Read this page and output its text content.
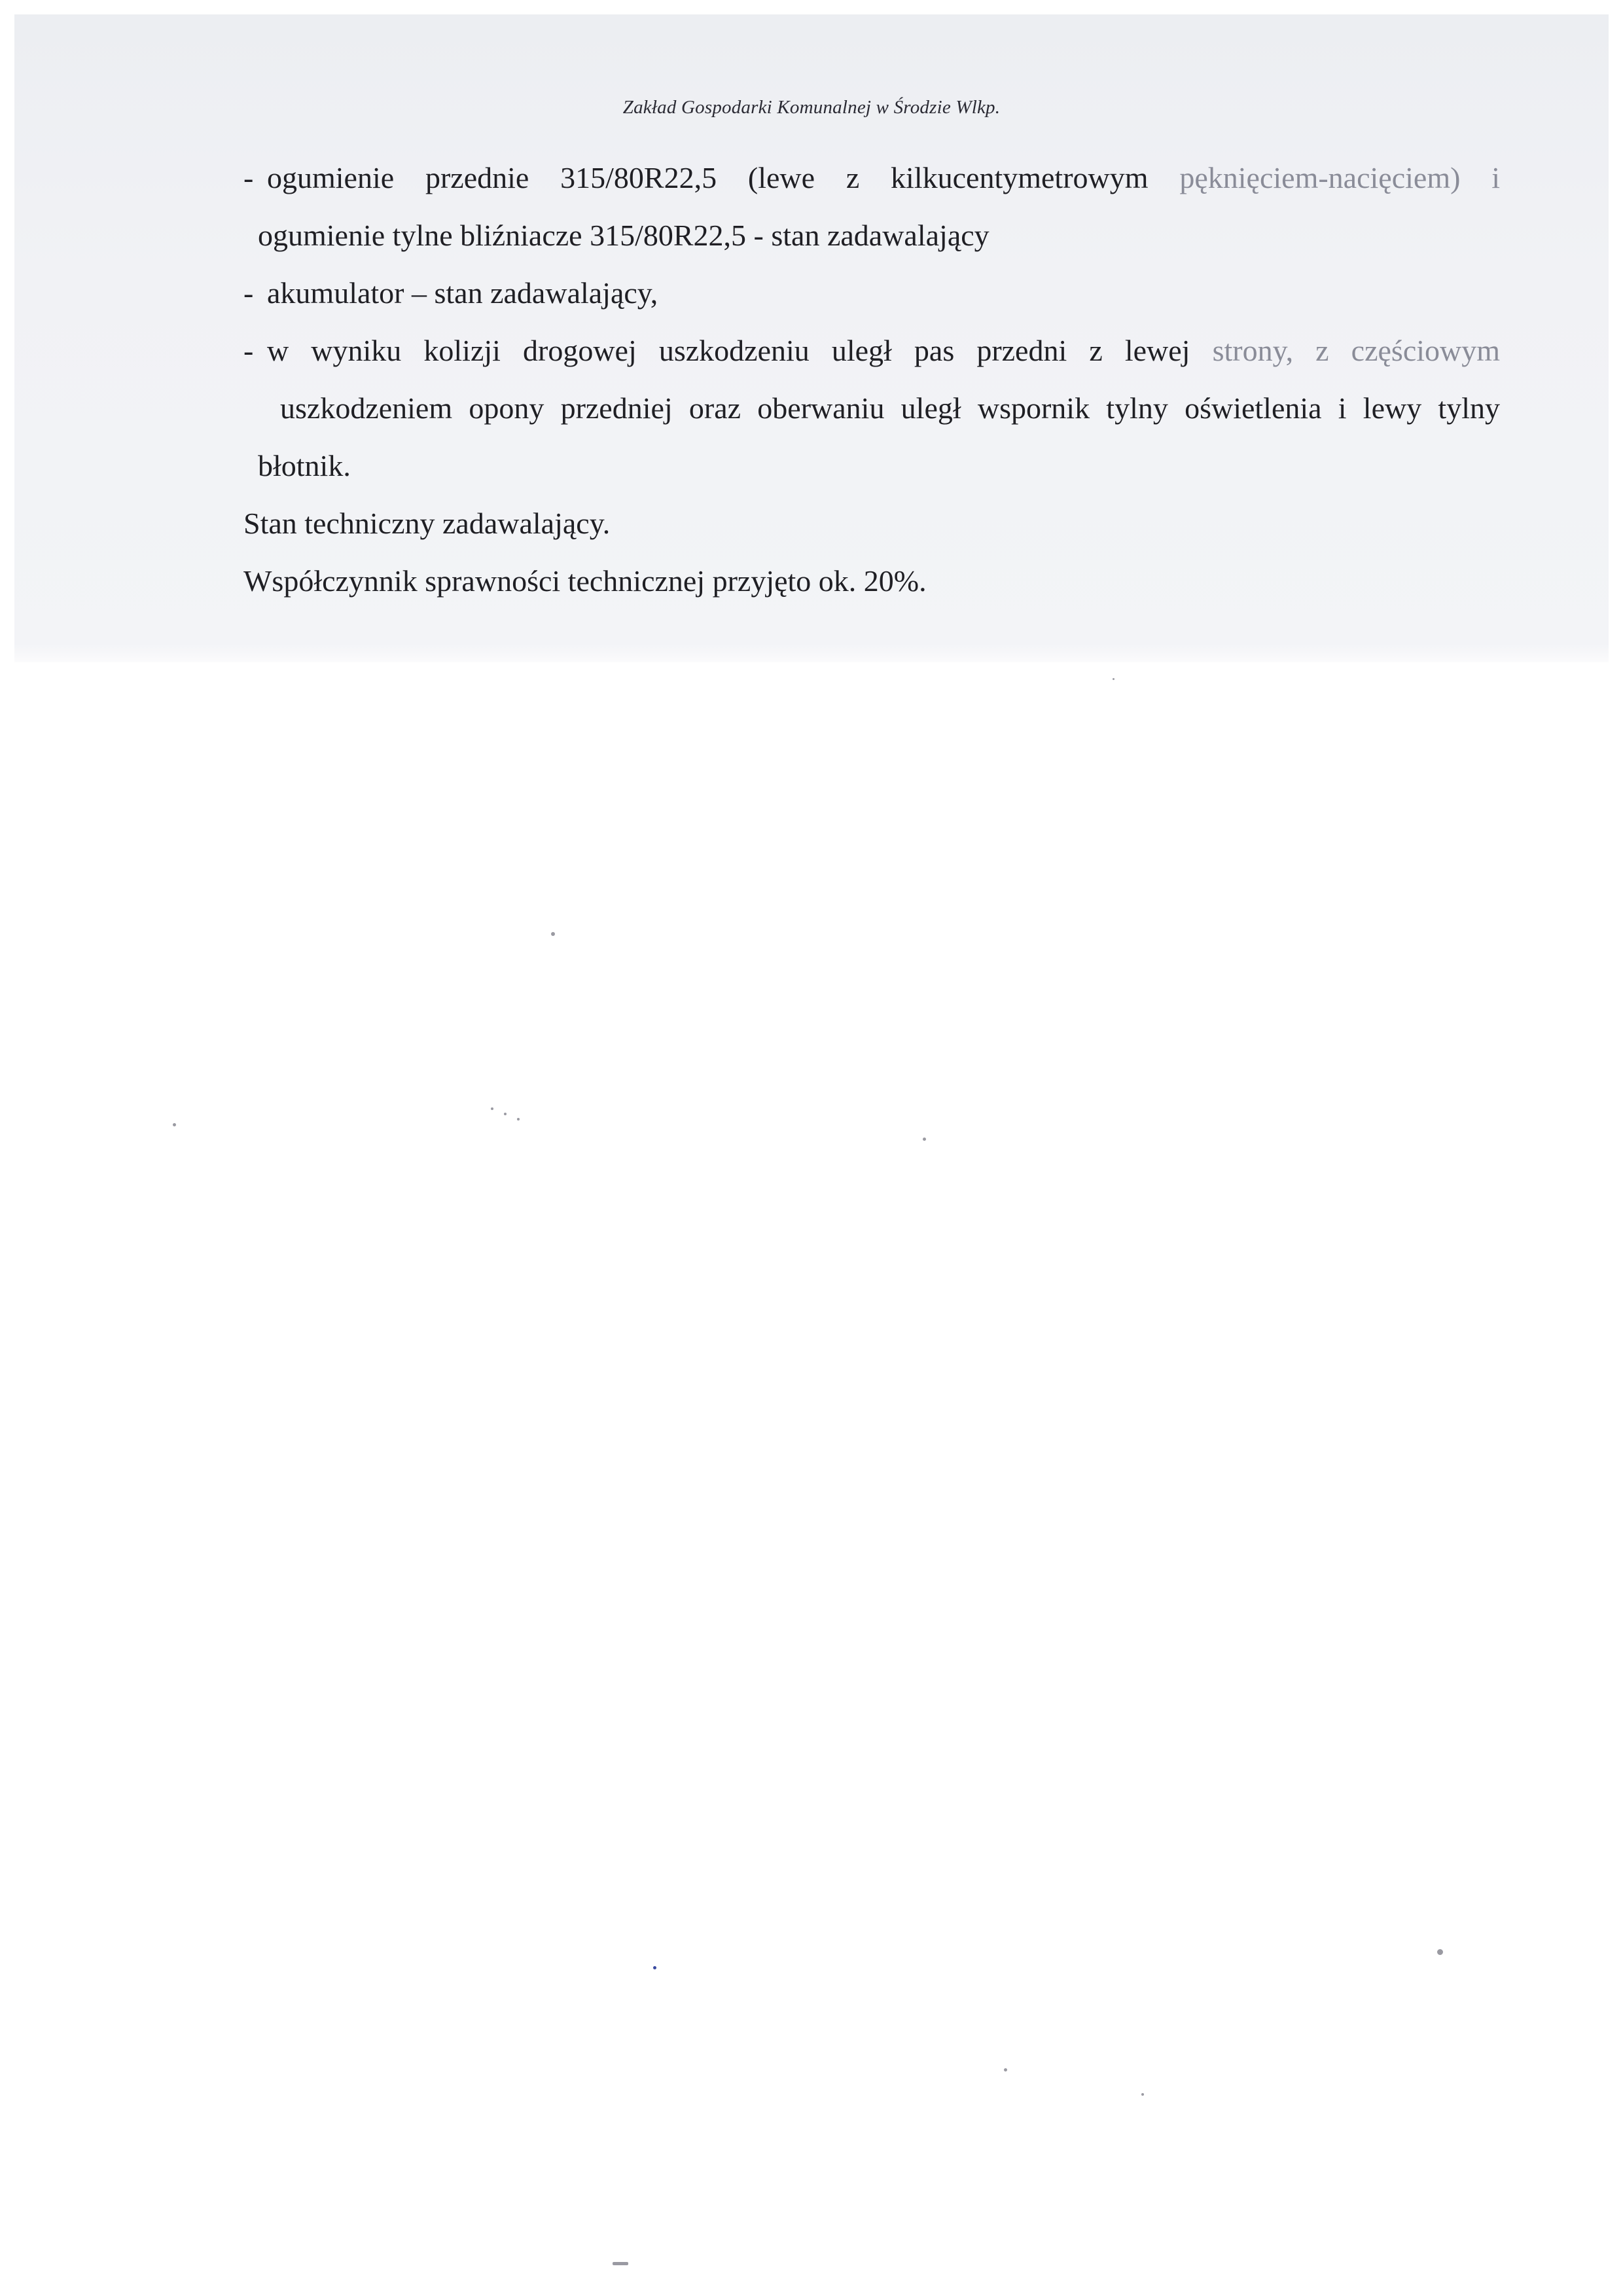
Zakład Gospodarki Komunalnej w Środzie Wlkp.
- ogumienie przednie 315/80R22,5 (lewe z kilkucentymetrowym pęknięciem-nacięciem) i
ogumienie tylne bliźniacze 315/80R22,5 - stan zadawalający
- akumulator – stan zadawalający,
- w wyniku kolizji drogowej uszkodzeniu uległ pas przedni z lewej strony, z częściowym
uszkodzeniem opony przedniej oraz oberwaniu uległ wspornik tylny oświetlenia i lewy tylny
błotnik.
Stan techniczny zadawalający.
Współczynnik sprawności technicznej przyjęto ok. 20%.
